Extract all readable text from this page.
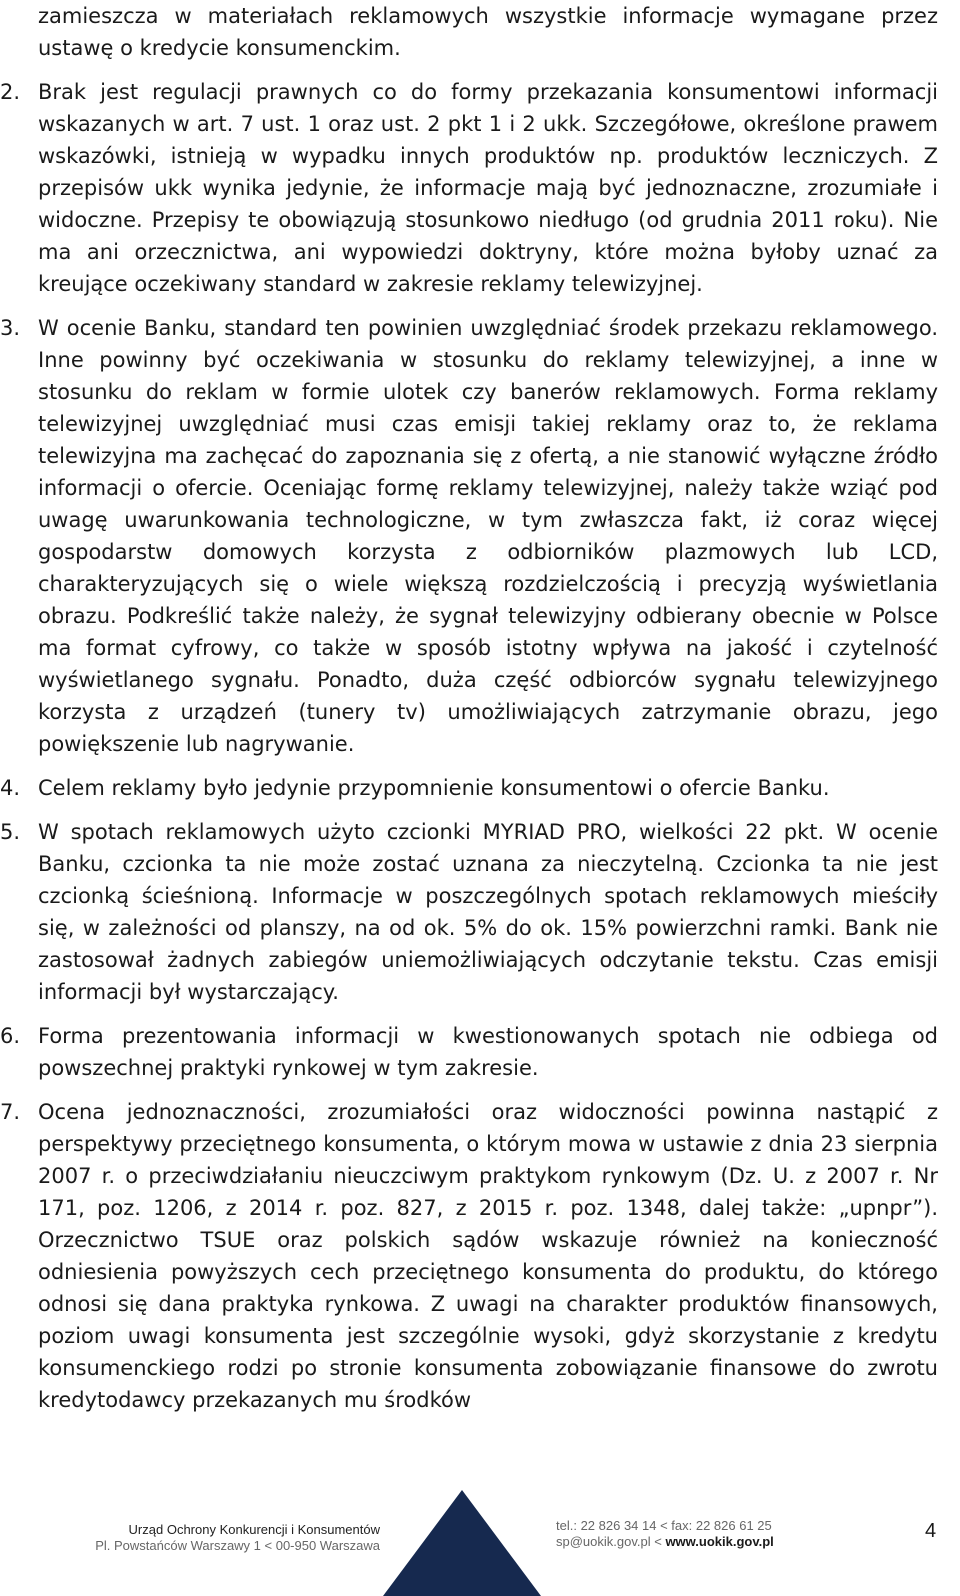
zamieszcza w materiałach reklamowych wszystkie informacje wymagane przez ustawę o kredycie konsumenckim.

2. Brak jest regulacji prawnych co do formy przekazania konsumentowi informacji wskazanych w art. 7 ust. 1 oraz ust. 2 pkt 1 i 2 ukk. Szczegółowe, określone prawem wskazówki, istnieją w wypadku innych produktów np. produktów leczniczych. Z przepisów ukk wynika jedynie, że informacje mają być jednoznaczne, zrozumiałe i widoczne. Przepisy te obowiązują stosunkowo niedługo (od grudnia 2011 roku). Nie ma ani orzecznictwa, ani wypowiedzi doktryny, które można byłoby uznać za kreujące oczekiwany standard w zakresie reklamy telewizyjnej.
3. W ocenie Banku, standard ten powinien uwzględniać środek przekazu reklamowego. Inne powinny być oczekiwania w stosunku do reklamy telewizyjnej, a inne w stosunku do reklam w formie ulotek czy banerów reklamowych. Forma reklamy telewizyjnej uwzględniać musi czas emisji takiej reklamy oraz to, że reklama telewizyjna ma zachęcać do zapoznania się z ofertą, a nie stanowić wyłączne źródło informacji o ofercie. Oceniając formę reklamy telewizyjnej, należy także wziąć pod uwagę uwarunkowania technologiczne, w tym zwłaszcza fakt, iż coraz więcej gospodarstw domowych korzysta z odbiorników plazmowych lub LCD, charakteryzujących się o wiele większą rozdzielczością i precyzją wyświetlania obrazu. Podkreślić także należy, że sygnał telewizyjny odbierany obecnie w Polsce ma format cyfrowy, co także w sposób istotny wpływa na jakość i czytelność wyświetlanego sygnału. Ponadto, duża część odbiorców sygnału telewizyjnego korzysta z urządzeń (tunery tv) umożliwiających zatrzymanie obrazu, jego powiększenie lub nagrywanie.
4. Celem reklamy było jedynie przypomnienie konsumentowi o ofercie Banku.
5. W spotach reklamowych użyto czcionki MYRIAD PRO, wielkości 22 pkt. W ocenie Banku, czcionka ta nie może zostać uznana za nieczytelną. Czcionka ta nie jest czcionką ścieśnioną. Informacje w poszczególnych spotach reklamowych mieściły się, w zależności od planszy, na od ok. 5% do ok. 15% powierzchni ramki. Bank nie zastosował żadnych zabiegów uniemożliwiających odczytanie tekstu. Czas emisji informacji był wystarczający.
6. Forma prezentowania informacji w kwestionowanych spotach nie odbiega od powszechnej praktyki rynkowej w tym zakresie.
7. Ocena jednoznaczności, zrozumiałości oraz widoczności powinna nastąpić z perspektywy przeciętnego konsumenta, o którym mowa w ustawie z dnia 23 sierpnia 2007 r. o przeciwdziałaniu nieuczciwym praktykom rynkowym (Dz. U. z 2007 r. Nr 171, poz. 1206, z 2014 r. poz. 827, z 2015 r. poz. 1348, dalej także: „upnpr”). Orzecznictwo TSUE oraz polskich sądów wskazuje również na konieczność odniesienia powyższych cech przeciętnego konsumenta do produktu, do którego odnosi się dana praktyka rynkowa. Z uwagi na charakter produktów finansowych, poziom uwagi konsumenta jest szczególnie wysoki, gdyż skorzystanie z kredytu konsumenckiego rodzi po stronie konsumenta zobowiązanie finansowe do zwrotu kredytodawcy przekazanych mu środków
Urząd Ochrony Konkurencji i Konsumentów
Pl. Powstańców Warszawy 1 < 00-950 Warszawa
tel.: 22 826 34 14 < fax: 22 826 61 25
sp@uokik.gov.pl < www.uokik.gov.pl	4
